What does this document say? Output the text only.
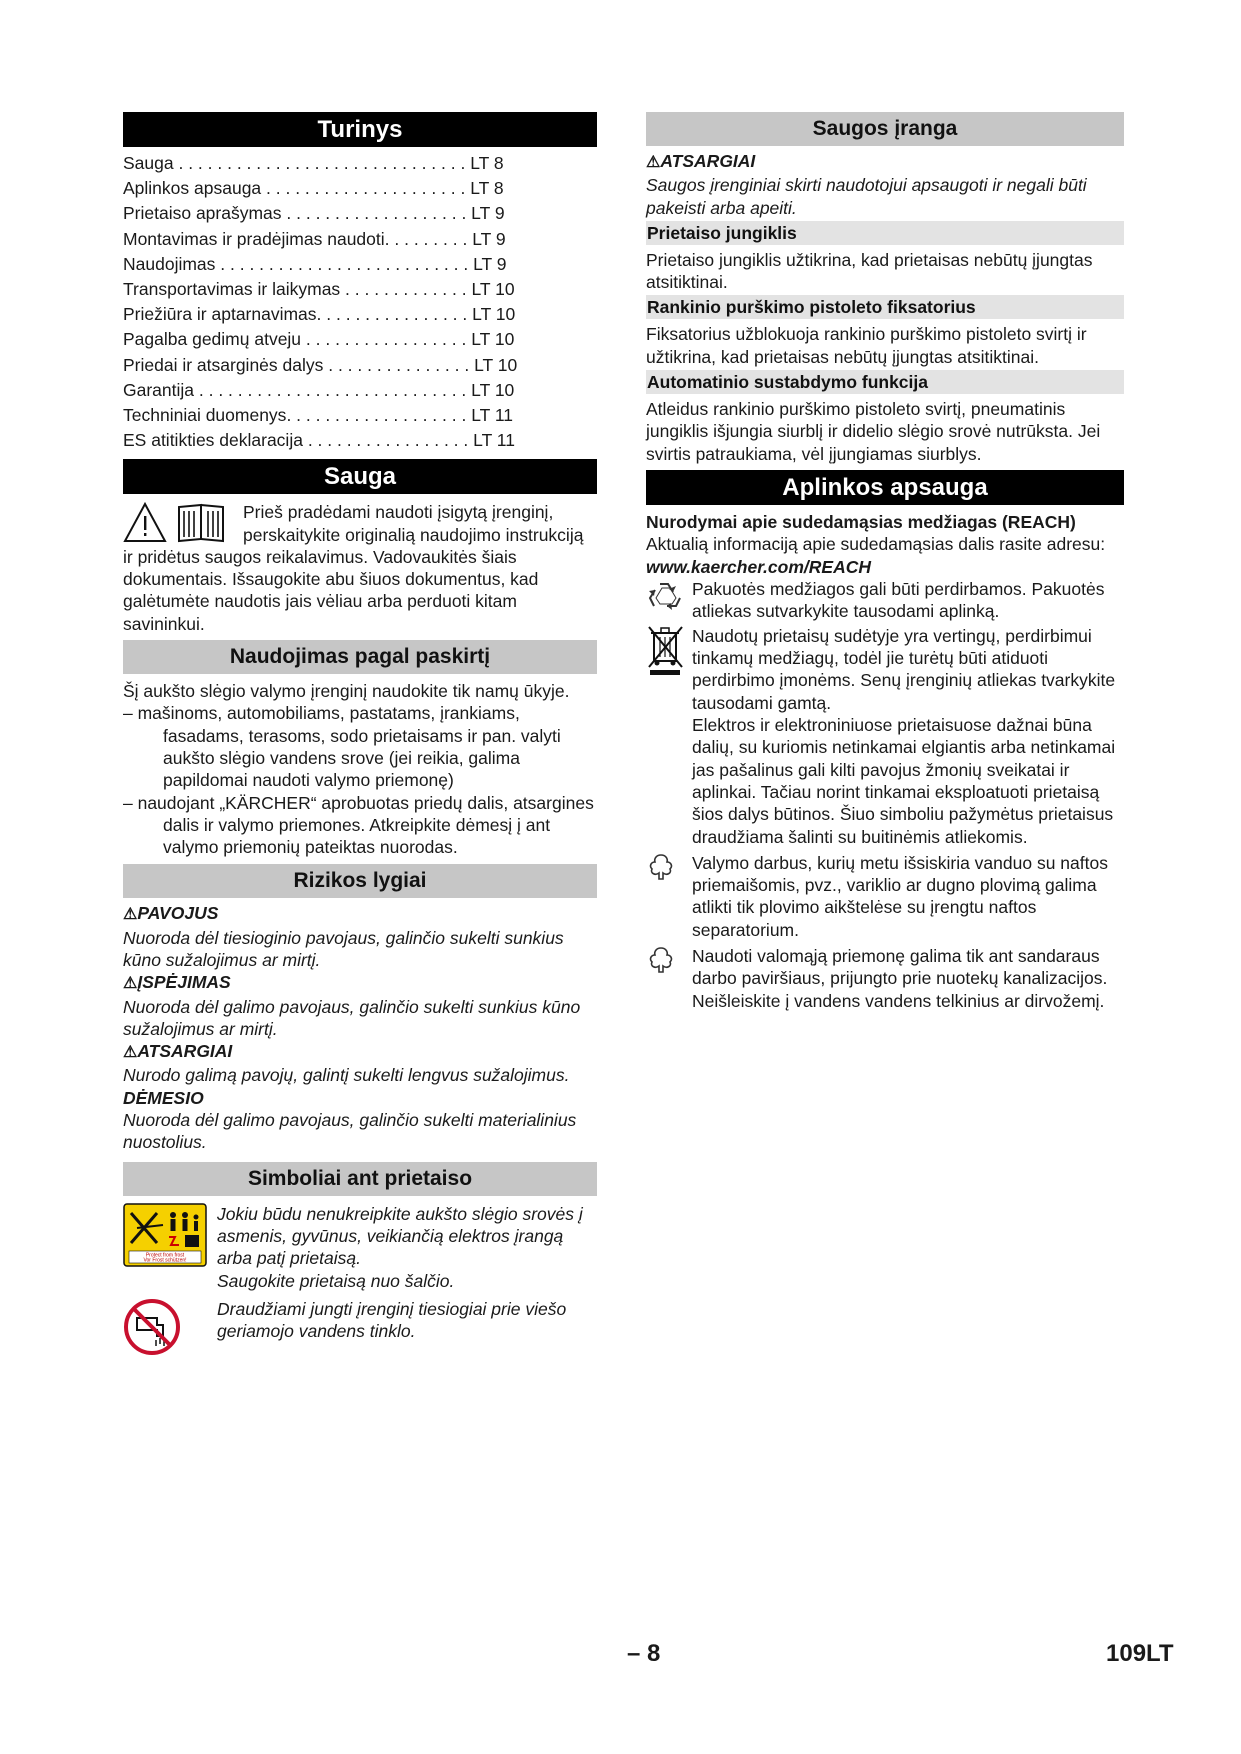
Turinys
Sauga . . . . . . . . . . . . . . . . . . . . . . . . . . . . . . LT 8
Aplinkos apsauga . . . . . . . . . . . . . . . . . . . . . LT 8
Prietaiso aprašymas . . . . . . . . . . . . . . . . . . . LT 9
Montavimas ir pradėjimas naudoti. . . . . . . . . LT 9
Naudojimas . . . . . . . . . . . . . . . . . . . . . . . . . . LT 9
Transportavimas ir laikymas . . . . . . . . . . . . . LT 10
Priežiūra ir aptarnavimas. . . . . . . . . . . . . . . . LT 10
Pagalba gedimų atveju . . . . . . . . . . . . . . . . . LT 10
Priedai ir atsarginės dalys . . . . . . . . . . . . . . . LT 10
Garantija . . . . . . . . . . . . . . . . . . . . . . . . . . . . LT 10
Techniniai duomenys. . . . . . . . . . . . . . . . . . . LT 11
ES atitikties deklaracija . . . . . . . . . . . . . . . . . LT 11
Sauga

Prieš pradėdami naudoti įsigytą įrenginį, perskaitykite originalią naudojimo instrukciją ir pridėtus saugos reikalavimus. Vadovaukitės šiais dokumentais. Išsaugokite abu šiuos dokumentus, kad galėtumėte naudotis jais vėliau arba perduoti kitam savininkui.

Naudojimas pagal paskirtį

Šį aukšto slėgio valymo įrenginį naudokite tik namų ūkyje.

– mašinoms, automobiliams, pastatams, įrankiams, fasadams, terasoms, sodo prietaisams ir pan. valyti aukšto slėgio vandens srove (jei reikia, galima papildomai naudoti valymo priemonę)

– naudojant „KÄRCHER“ aprobuotas priedų dalis, atsargines dalis ir valymo priemones. Atkreipkite dėmesį į ant valymo priemonių pateiktas nuorodas.

Rizikos lygiai

⚠PAVOJUS

Nuoroda dėl tiesioginio pavojaus, galinčio sukelti sunkius kūno sužalojimus ar mirtį.

⚠ĮSPĖJIMAS

Nuoroda dėl galimo pavojaus, galinčio sukelti sunkius kūno sužalojimus ar mirtį.

⚠ATSARGIAI

Nurodo galimą pavojų, galintį sukelti lengvus sužalojimus.

DĖMESIO

Nuoroda dėl galimo pavojaus, galinčio sukelti materialinius nuostolius.

Simboliai ant prietaiso
Protect from frost
Vor Frost schützen!

Jokiu būdu nenukreipkite aukšto slėgio srovės į asmenis, gyvūnus, veikiančią elektros įrangą arba patį prietaisą.

Saugokite prietaisą nuo šalčio.

Draudžiami jungti įrenginį tiesiogiai prie viešo geriamojo vandens tinklo.

Saugos įranga

⚠ATSARGIAI

Saugos įrenginiai skirti naudotojui apsaugoti ir negali būti pakeisti arba apeiti.

Prietaiso jungiklis

Prietaiso jungiklis užtikrina, kad prietaisas nebūtų įjungtas atsitiktinai.

Rankinio purškimo pistoleto fiksatorius

Fiksatorius užblokuoja rankinio purškimo pistoleto svirtį ir užtikrina, kad prietaisas nebūtų įjungtas atsitiktinai.

Automatinio sustabdymo funkcija

Atleidus rankinio purškimo pistoleto svirtį, pneumatinis jungiklis išjungia siurblį ir dideliо slėgio srovė nutrūksta. Jei svirtis patraukiama, vėl įjungiamas siurblys.

Aplinkos apsauga

Nurodymai apie sudedamąsias medžiagas (REACH)

Aktualią informaciją apie sudedamąsias dalis rasite adresu:

www.kaercher.com/REACH

Pakuotės medžiagos gali būti perdirbamos. Pakuotės atliekas sutvarkykite tausodami aplinką.

Naudotų prietaisų sudėtyje yra vertingų, perdirbimui tinkamų medžiagų, todėl jie turėtų būti atiduoti perdirbimo įmonėms. Senų įrenginių atliekas tvarkykite tausodami gamtą.

Elektros ir elektroniniuose prietaisuose dažnai būna dalių, su kuriomis netinkamai elgiantis arba netinkamai jas pašalinus gali kilti pavojus žmonių sveikatai ir aplinkai. Tačiau norint tinkamai eksploatuoti prietaisą šios dalys būtinos. Šiuo simboliu pažymėtus prietaisus draudžiama šalinti su buitinėmis atliekomis.

Valymo darbus, kurių metu išsiskiria vanduo su naftos priemaišomis, pvz., variklio ar dugno plovimą galima atlikti tik plovimo aikštelėse su įrengtu naftos separatorium.

Naudoti valomąją priemonę galima tik ant sandaraus darbo paviršiaus, prijungto prie nuotekų kanalizacijos. Neišleiskite į vandens vandens telkinius ar dirvožemį.

– 8	109LT
